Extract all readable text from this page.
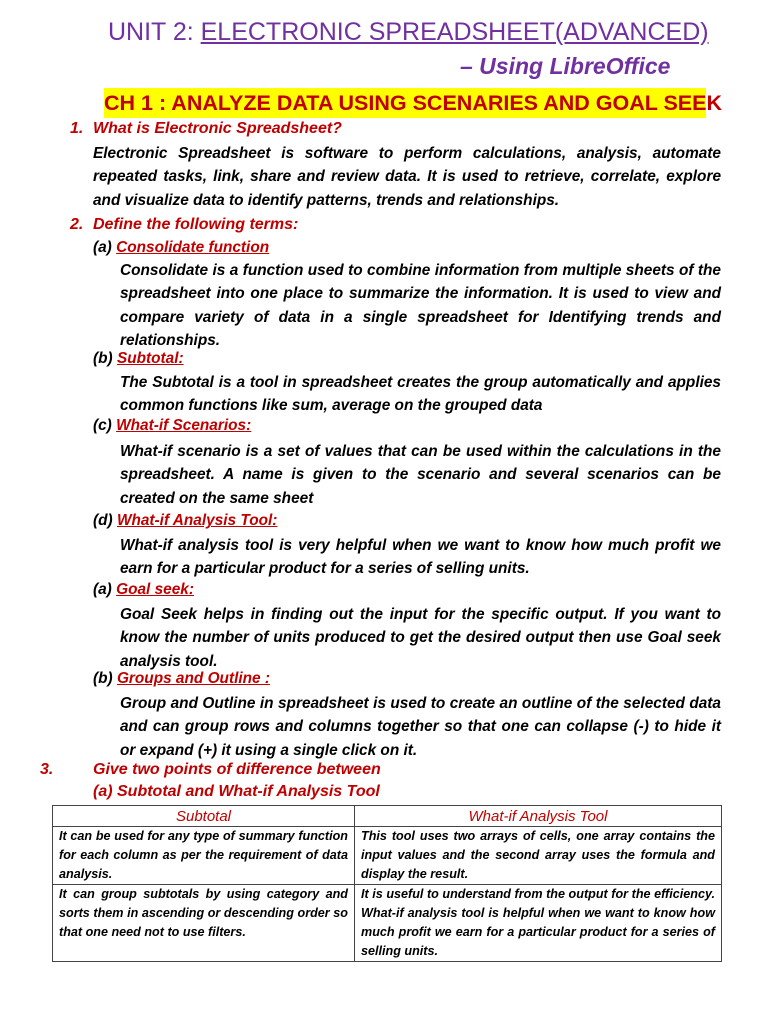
UNIT 2: ELECTRONIC SPREADSHEET(ADVANCED)
– Using LibreOffice
CH 1 : ANALYZE DATA USING SCENARIES AND GOAL SEEK
1. What is Electronic Spreadsheet?
Electronic Spreadsheet is software to perform calculations, analysis, automate repeated tasks, link, share and review data. It is used to retrieve, correlate, explore and visualize data to identify patterns, trends and relationships.
2. Define the following terms:
(a) Consolidate function
Consolidate is a function used to combine information from multiple sheets of the spreadsheet into one place to summarize the information. It is used to view and compare variety of data in a single spreadsheet for Identifying trends and relationships.
(b) Subtotal:
The Subtotal is a tool in spreadsheet creates the group automatically and applies common functions like sum, average on the grouped data
(c) What-if Scenarios:
What-if scenario is a set of values that can be used within the calculations in the spreadsheet. A name is given to the scenario and several scenarios can be created on the same sheet
(d) What-if Analysis Tool:
What-if analysis tool is very helpful when we want to know how much profit we earn for a particular product for a series of selling units.
(a) Goal seek:
Goal Seek helps in finding out the input for the specific output. If you want to know the number of units produced to get the desired output then use Goal seek analysis tool.
(b) Groups and Outline :
Group and Outline in spreadsheet is used to create an outline of the selected data and can group rows and columns together so that one can collapse (-) to hide it or expand (+) it using a single click on it.
3. Give two points of difference between
(a) Subtotal and What-if Analysis Tool
Subtotal	What-if Analysis Tool
It can be used for any type of summary function for each column as per the requirement of data analysis.	This tool uses two arrays of cells, one array contains the input values and the second array uses the formula and display the result.
It can group subtotals by using category and sorts them in ascending or descending order so that one need not to use filters.	It is useful to understand from the output for the efficiency. What-if analysis tool is helpful when we want to know how much profit we earn for a particular product for a series of selling units.
